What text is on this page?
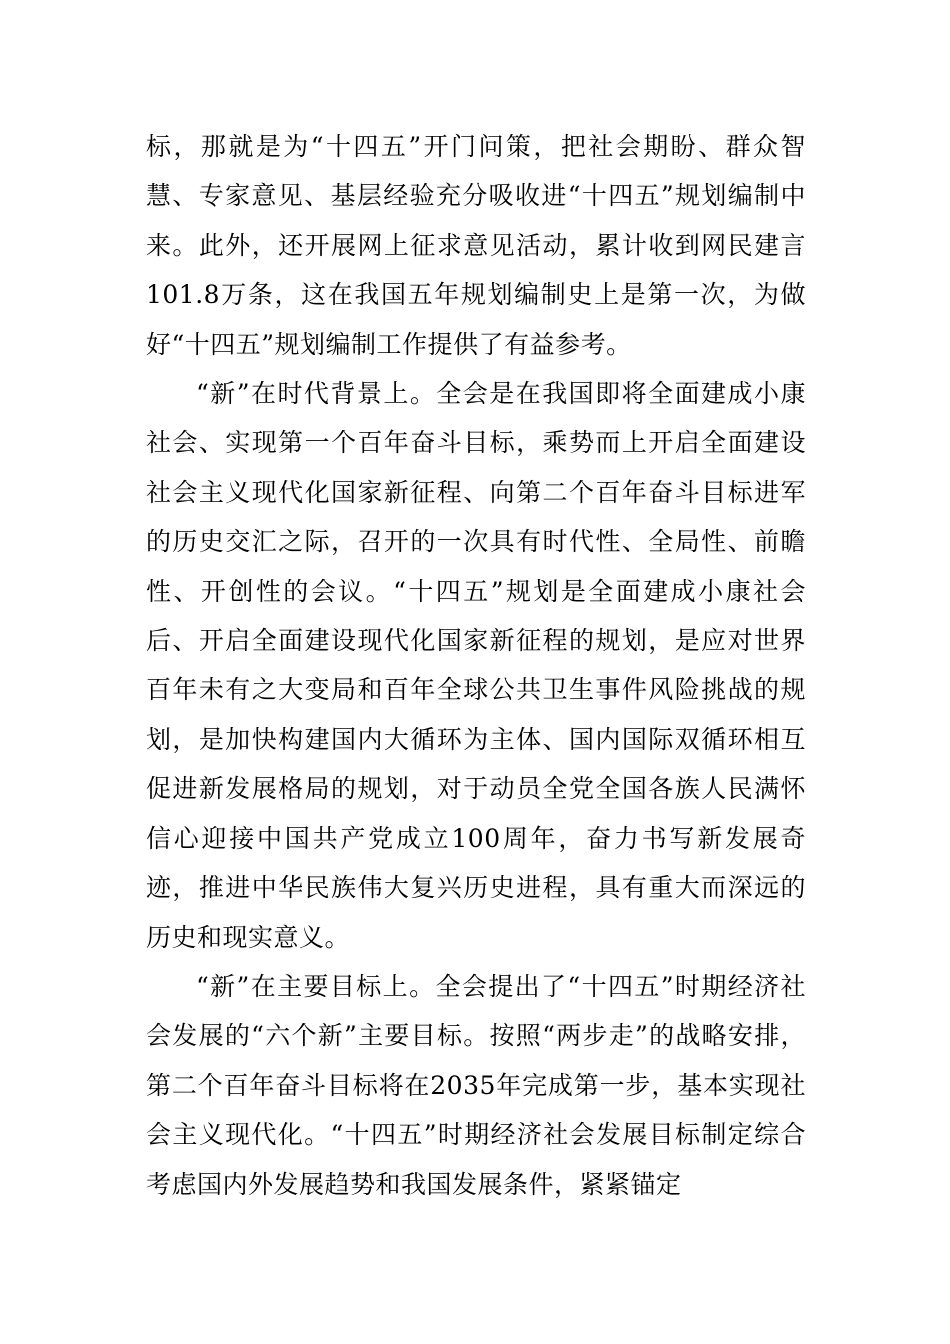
标，那就是为“十四五”开门问策，把社会期盼、群众智慧、专家意见、基层经验充分吸收进“十四五”规划编制中来。此外，还开展网上征求意见活动，累计收到网民建言101.8万条，这在我国五年规划编制史上是第一次，为做好“十四五”规划编制工作提供了有益参考。

“新”在时代背景上。全会是在我国即将全面建成小康社会、实现第一个百年奋斗目标，乘势而上开启全面建设社会主义现代化国家新征程、向第二个百年奋斗目标进军的历史交汇之际，召开的一次具有时代性、全局性、前瞻性、开创性的会议。“十四五”规划是全面建成小康社会后、开启全面建设现代化国家新征程的规划，是应对世界百年未有之大变局和百年全球公共卫生事件风险挑战的规划，是加快构建国内大循环为主体、国内国际双循环相互促进新发展格局的规划，对于动员全党全国各族人民满怀信心迎接中国共产党成立100周年，奋力书写新发展奇迹，推进中华民族伟大复兴历史进程，具有重大而深远的历史和现实意义。

“新”在主要目标上。全会提出了“十四五”时期经济社会发展的“六个新”主要目标。按照“两步走”的战略安排，第二个百年奋斗目标将在2035年完成第一步，基本实现社会主义现代化。“十四五”时期经济社会发展目标制定综合考虑国内外发展趋势和我国发展条件，紧紧锚定
